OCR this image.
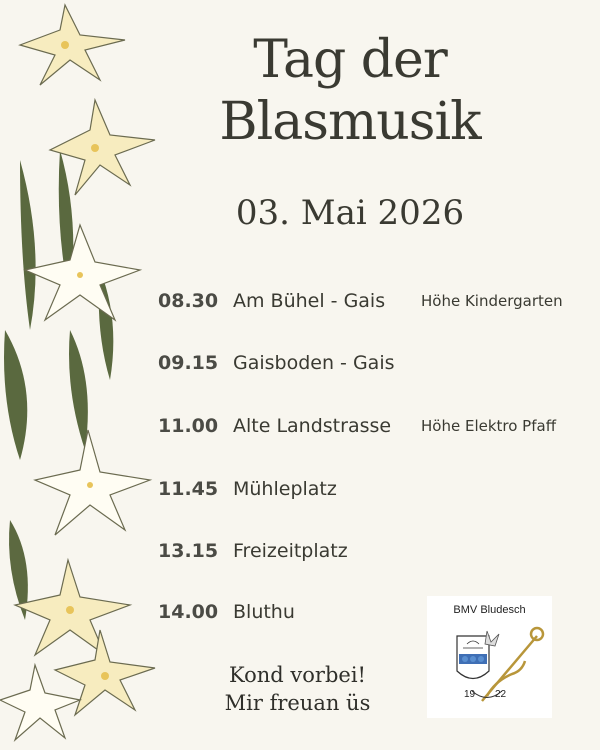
Tag der
Blasmusik
03. Mai 2026
08.30 Am Bühel - Gais Höhe Kindergarten
09.15 Gaisboden - Gais
11.00 Alte Landstrasse Höhe Elektro Pfaff
11.45 Mühleplatz
13.15 Freizeitplatz
14.00 Bluthu
Kond vorbei!
Mir freuan üs
BMV Bludesch
19 22
